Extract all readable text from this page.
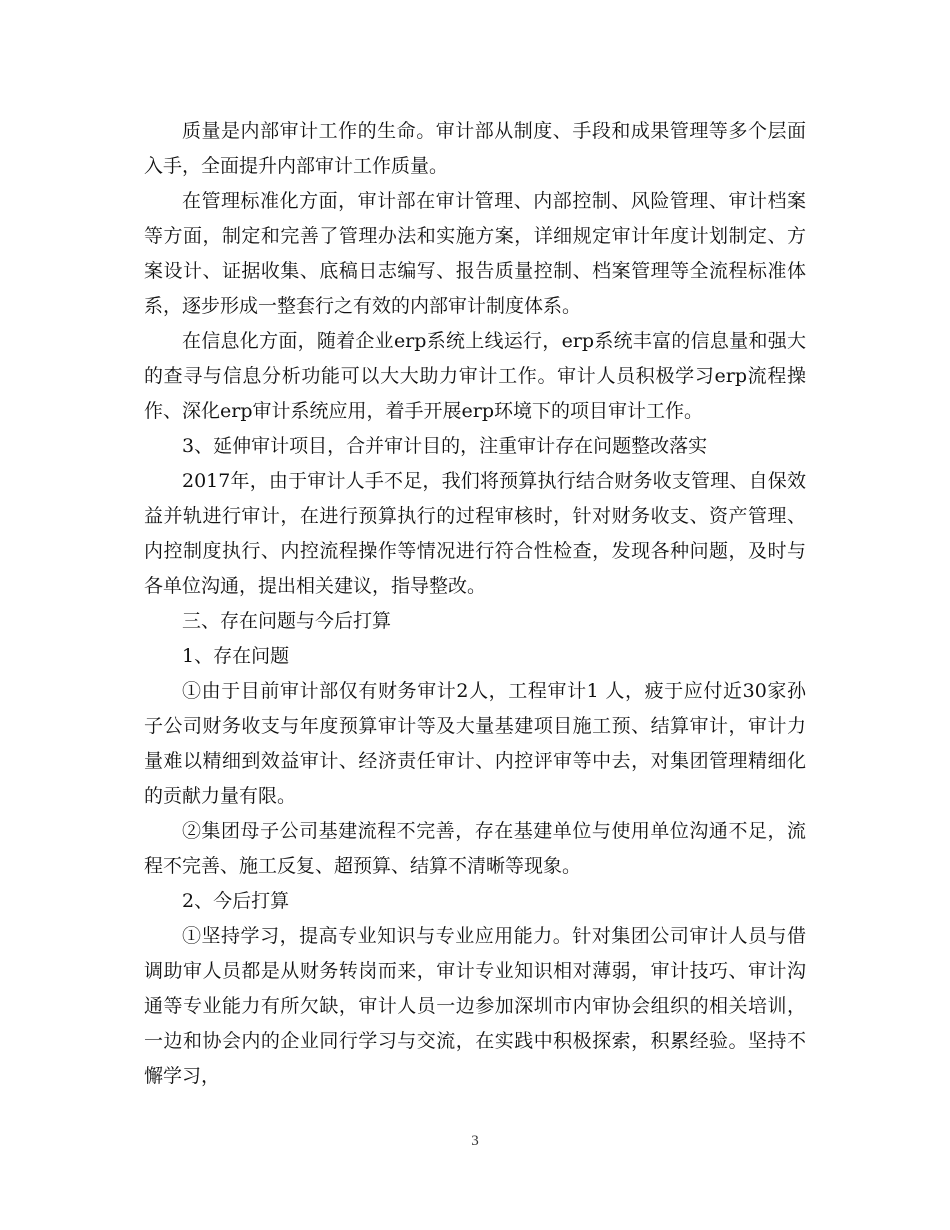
质量是内部审计工作的生命。审计部从制度、手段和成果管理等多个层面入手，全面提升内部审计工作质量。

在管理标准化方面，审计部在审计管理、内部控制、风险管理、审计档案等方面，制定和完善了管理办法和实施方案，详细规定审计年度计划制定、方案设计、证据收集、底稿日志编写、报告质量控制、档案管理等全流程标准体系，逐步形成一整套行之有效的内部审计制度体系。

在信息化方面，随着企业erp系统上线运行，erp系统丰富的信息量和强大的查寻与信息分析功能可以大大助力审计工作。审计人员积极学习erp流程操作、深化erp审计系统应用，着手开展erp环境下的项目审计工作。

3、延伸审计项目，合并审计目的，注重审计存在问题整改落实

2017年，由于审计人手不足，我们将预算执行结合财务收支管理、自保效益并轨进行审计，在进行预算执行的过程审核时，针对财务收支、资产管理、内控制度执行、内控流程操作等情况进行符合性检查，发现各种问题，及时与各单位沟通，提出相关建议，指导整改。

三、存在问题与今后打算

1、存在问题

①由于目前审计部仅有财务审计2人，工程审计1 人，疲于应付近30家孙子公司财务收支与年度预算审计等及大量基建项目施工预、结算审计，审计力量难以精细到效益审计、经济责任审计、内控评审等中去，对集团管理精细化的贡献力量有限。

②集团母子公司基建流程不完善，存在基建单位与使用单位沟通不足，流程不完善、施工反复、超预算、结算不清晰等现象。

2、今后打算

①坚持学习，提高专业知识与专业应用能力。针对集团公司审计人员与借调助审人员都是从财务转岗而来，审计专业知识相对薄弱，审计技巧、审计沟通等专业能力有所欠缺，审计人员一边参加深圳市内审协会组织的相关培训，一边和协会内的企业同行学习与交流，在实践中积极探索，积累经验。坚持不懈学习，

3
